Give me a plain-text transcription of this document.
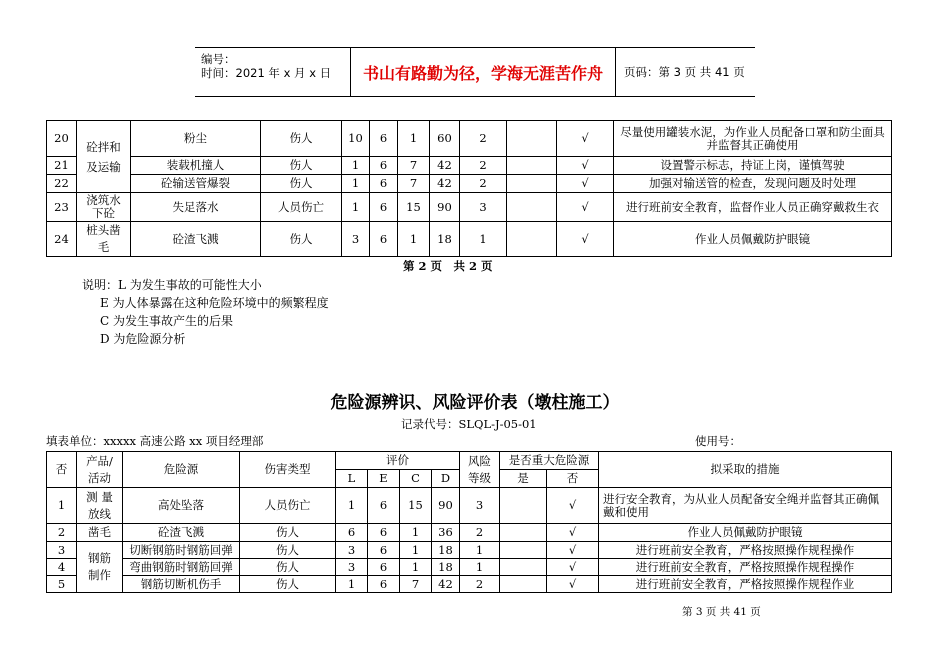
编号：
时间：2021 年 x 月 x 日	书山有路勤为径，学海无涯苦作舟	页码：第 3 页 共 41 页
20	砼拌和及运输	粉尘	伤人	10	6	1	60	2		√	尽量使用罐装水泥，为作业人员配备口罩和防尘面具并监督其正确使用
21		装载机撞人	伤人	1	6	7	42	2		√	设置警示标志，持证上岗，谨慎驾驶
22		砼输送管爆裂	伤人	1	6	7	42	2		√	加强对输送管的检查，发现问题及时处理
23	浇筑水下砼	失足落水	人员伤亡	1	6	15	90	3		√	进行班前安全教育，监督作业人员正确穿戴救生衣
24	桩头凿毛	砼渣飞溅	伤人	3	6	1	18	1		√	作业人员佩戴防护眼镜
第 2 页　共 2 页
说明：L 为发生事故的可能性大小
E 为人体暴露在这种危险环境中的频繁程度
C 为发生事故产生的后果
D 为危险源分析
危险源辨识、风险评价表（墩柱施工）
记录代号：SLQL-J-05-01
填表单位：xxxxx 高速公路 xx 项目经理部	使用号：
否	产品/活动	危险源	伤害类型	评价				风险等级	是否重大危险源		拟采取的措施
				L	E	C	D		是	否	
1	测 量放线	高处坠落	人员伤亡	1	6	15	90	3		√	进行安全教育，为从业人员配备安全绳并监督其正确佩戴和使用
2	凿毛	砼渣飞溅	伤人	6	6	1	36	2		√	作业人员佩戴防护眼镜
3	钢筋制作	切断钢筋时钢筋回弹	伤人	3	6	1	18	1		√	进行班前安全教育，严格按照操作规程操作
4		弯曲钢筋时钢筋回弹	伤人	3	6	1	18	1		√	进行班前安全教育，严格按照操作规程操作
5		钢筋切断机伤手	伤人	1	6	7	42	2		√	进行班前安全教育，严格按照操作规程作业
第 3 页 共 41 页
